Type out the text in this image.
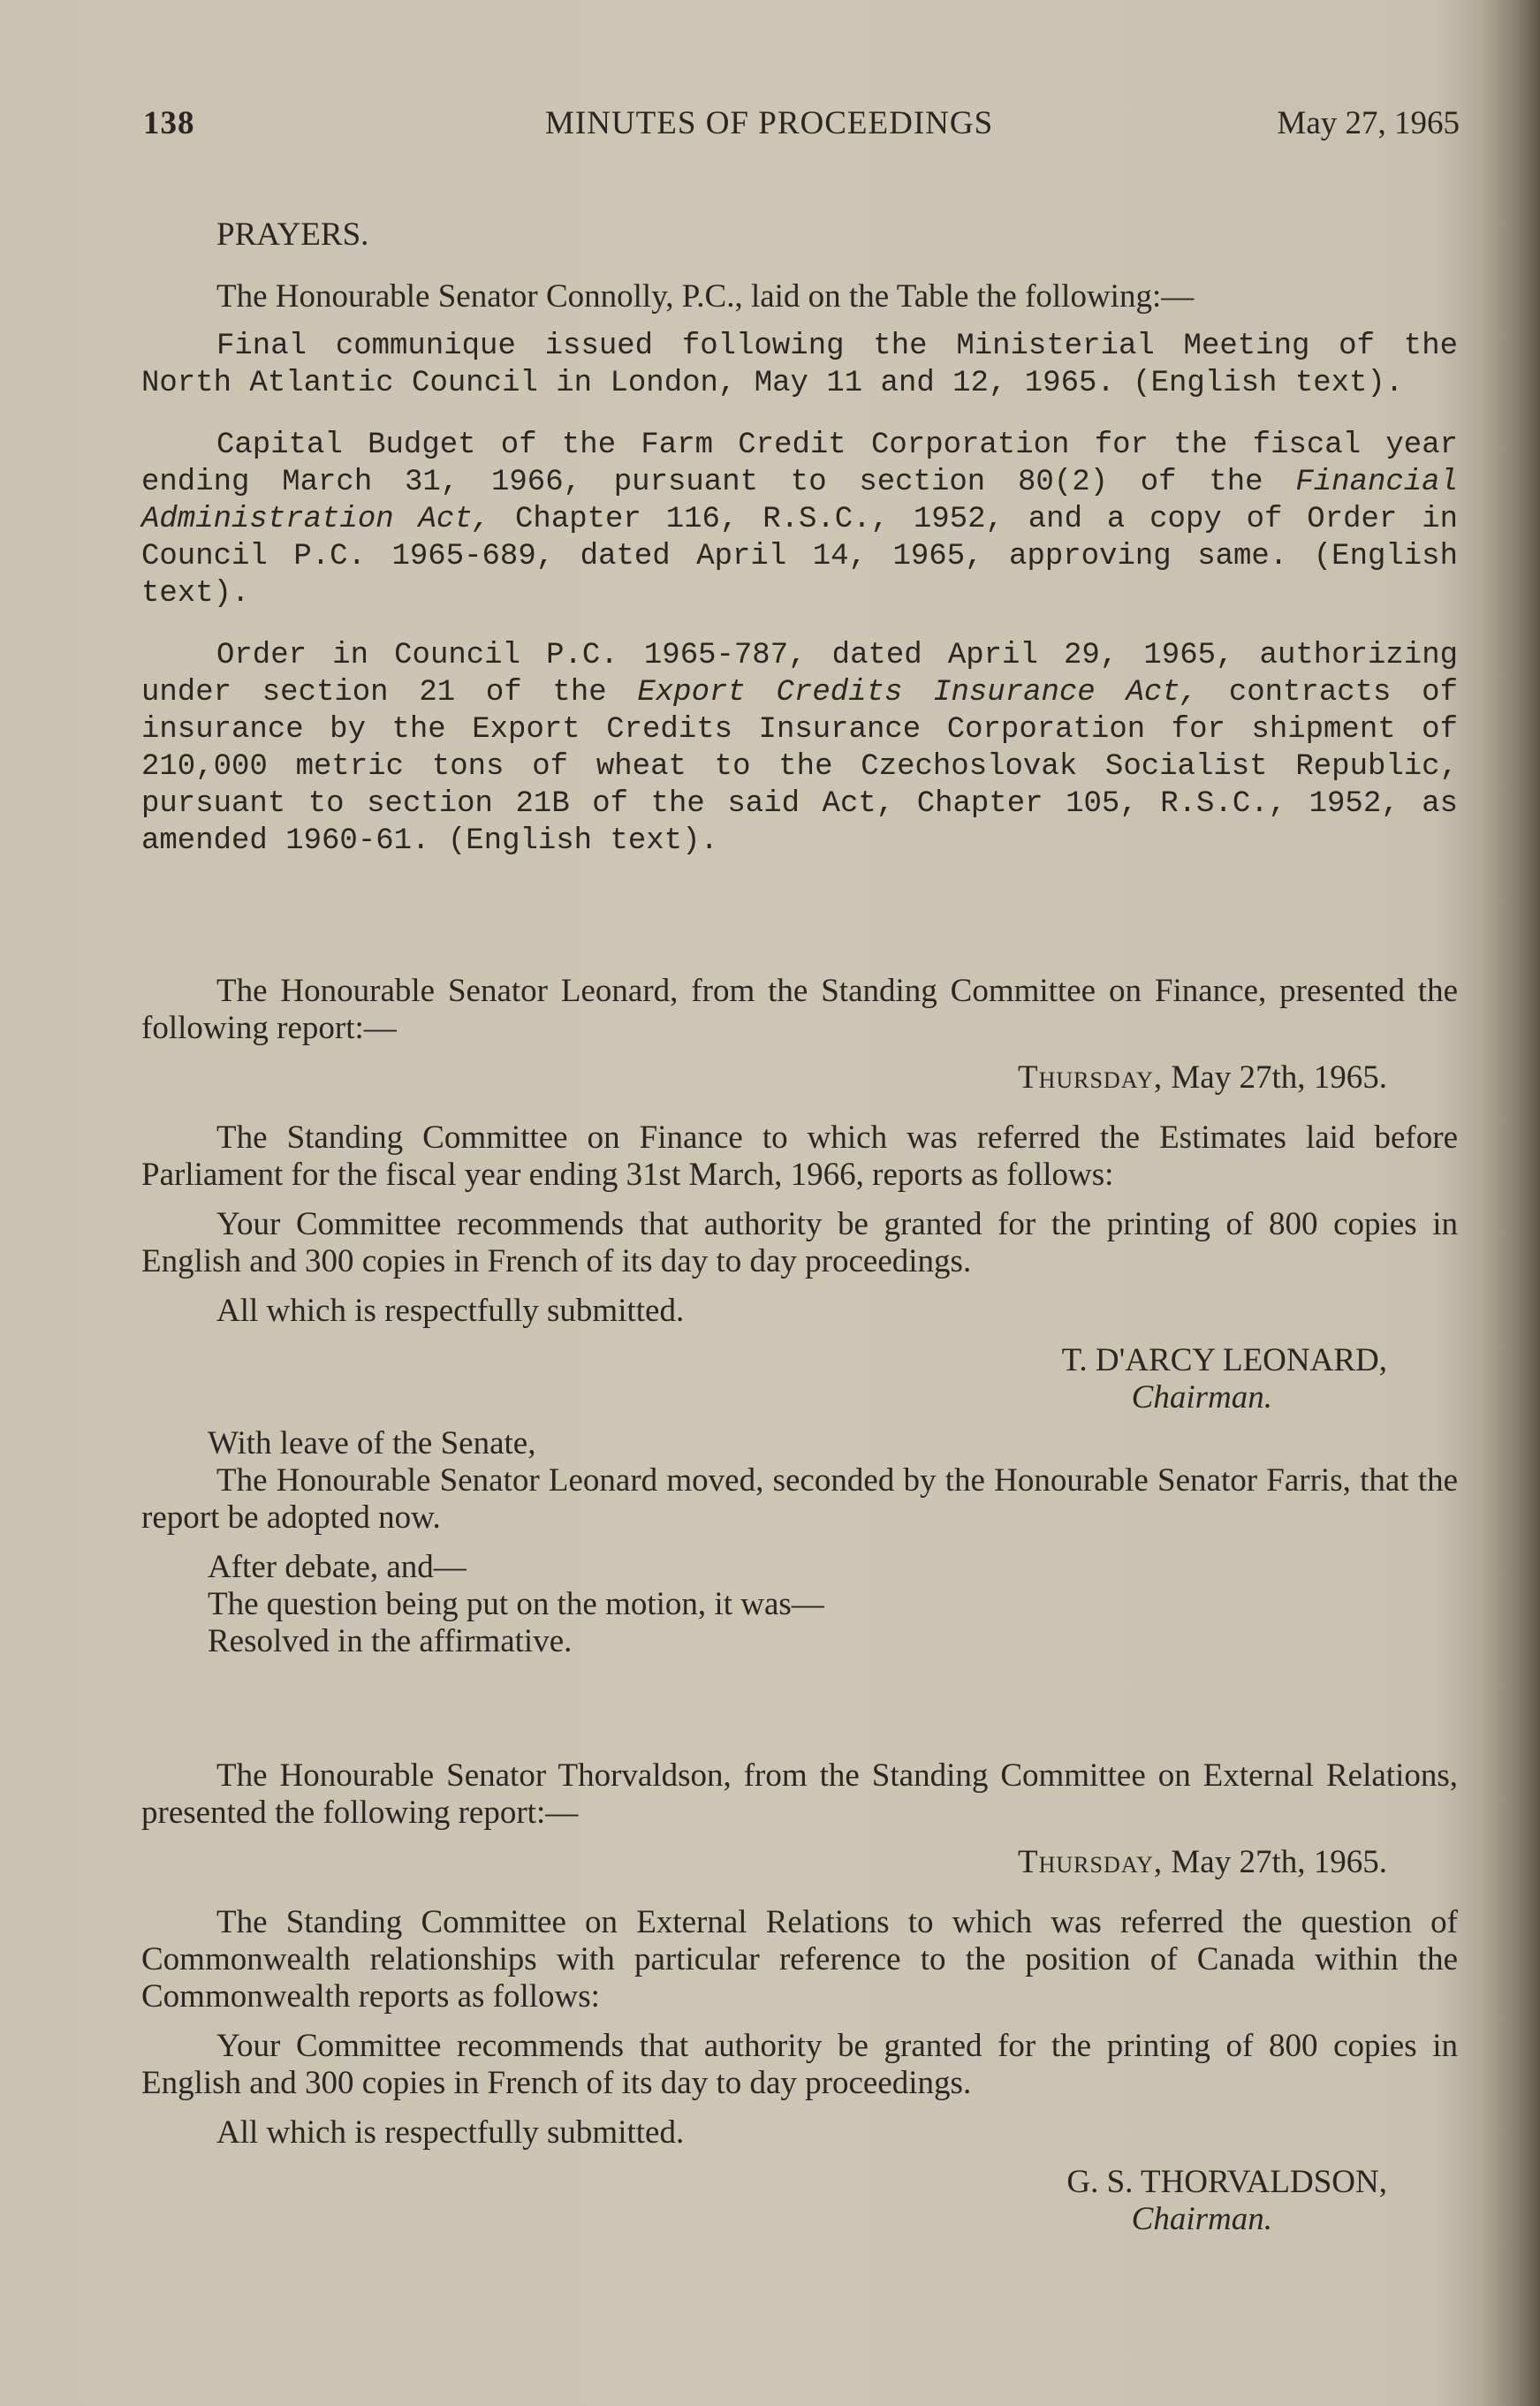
138	MINUTES OF PROCEEDINGS	May 27, 1965
PRAYERS.

The Honourable Senator Connolly, P.C., laid on the Table the following:—

Final communique issued following the Ministerial Meeting of the North Atlantic Council in London, May 11 and 12, 1965. (English text).

Capital Budget of the Farm Credit Corporation for the fiscal year ending March 31, 1966, pursuant to section 80(2) of the Financial Administration Act, Chapter 116, R.S.C., 1952, and a copy of Order in Council P.C. 1965-689, dated April 14, 1965, approving same. (English text).

Order in Council P.C. 1965-787, dated April 29, 1965, authorizing under section 21 of the Export Credits Insurance Act, contracts of insurance by the Export Credits Insurance Corporation for shipment of 210,000 metric tons of wheat to the Czechoslovak Socialist Republic, pursuant to section 21B of the said Act, Chapter 105, R.S.C., 1952, as amended 1960-61. (English text).

The Honourable Senator Leonard, from the Standing Committee on Finance, presented the following report:—

Thursday, May 27th, 1965.

The Standing Committee on Finance to which was referred the Estimates laid before Parliament for the fiscal year ending 31st March, 1966, reports as follows:

Your Committee recommends that authority be granted for the printing of 800 copies in English and 300 copies in French of its day to day proceedings.

All which is respectfully submitted.

T. D'ARCY LEONARD,
Chairman.
With leave of the Senate,

The Honourable Senator Leonard moved, seconded by the Honourable Senator Farris, that the report be adopted now.

After debate, and—
The question being put on the motion, it was—
Resolved in the affirmative.

The Honourable Senator Thorvaldson, from the Standing Committee on External Relations, presented the following report:—

Thursday, May 27th, 1965.

The Standing Committee on External Relations to which was referred the question of Commonwealth relationships with particular reference to the position of Canada within the Commonwealth reports as follows:

Your Committee recommends that authority be granted for the printing of 800 copies in English and 300 copies in French of its day to day proceedings.

All which is respectfully submitted.

G. S. THORVALDSON,
Chairman.
